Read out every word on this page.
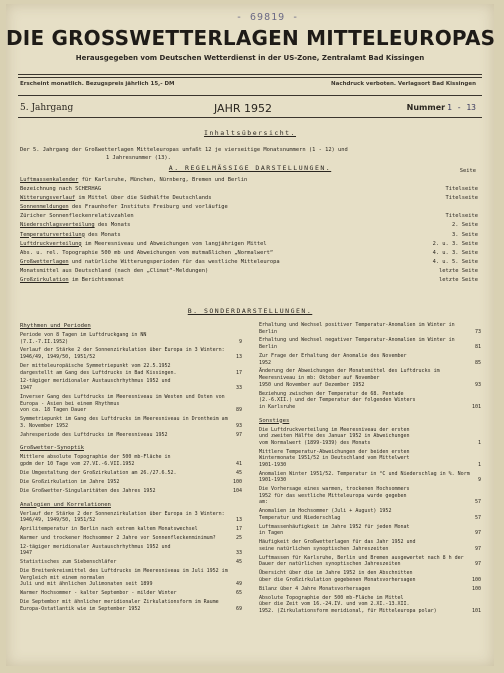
- 69819 -
DIE GROSSWETTERLAGEN MITTELEUROPAS
Herausgegeben vom Deutschen Wetterdienst in der US-Zone, Zentralamt Bad Kissingen
Erscheint monatlich. Bezugspreis jährlich 15,- DM	Nachdruck verboten. Verlagsort Bad Kissingen
5. Jahrgang	JAHR 1952	Nummer 1 - 13
Inhaltsübersicht.
Der 5. Jahrgang der Großwetterlagen Mitteleuropas umfaßt 12 je vierseitige Monatsnummern (1 - 12) und
1 Jahresnummer (13).
A. REGELMÄSSIGE DARSTELLUNGEN.	Seite
Luftmassenkalender für Karlsruhe, München, Nürnberg, Bremen und Berlin
Bezeichnung nach SCHERHAG	Titelseite
Witterungsverlauf im Mittel über die Südhälfte Deutschlands	Titelseite
Sonnenmeldungen des Fraunhofer Instituts Freiburg und vorläufige
Züricher Sonnenfleckenrelativzahlen	Titelseite
Niederschlagsverteilung des Monats	2. Seite
Temperaturverteilung des Monats	3. Seite
Luftdruckverteilung im Meeresniveau und Abweichungen vom langjährigen Mittel	2. u. 3. Seite
Abs. u. rel. Topographie 500 mb und Abweichungen vom mutmaßlichen „Normalwert“	4. u. 3. Seite
Großwetterlagen und natürliche Witterungsperioden für das westliche Mitteleuropa	4. u. 5. Seite
Monatsmittel aus Deutschland (nach den „Climat“-Meldungen)	letzte Seite
Großzirkulation im Berichtsmonat	letzte Seite
B. SONDERDARSTELLUNGEN.
Rhythmen und Perioden
Periode von 8 Tagen im Luftdruckgang in NN
(7.I.-7.II.1952)	9
Verlauf der Stärke 2 der Sonnenzirkulation über Europa in 3 Wintern: 1946/49, 1949/50, 1951/52	13
Der mitteleuropäische Symmetriepunkt vom 22.5.1952
dargestellt am Gang des Luftdrucks in Bad Kissingen.	17
12-tägiger meridionaler Austauschrhythmus 1952 und
1947	33
Inverser Gang des Luftdrucks im Meeresniveau im Westen und Osten von Europa - Asien bei einem Rhythmus
von ca. 18 Tagen Dauer	89
Symmetriepunkt im Gang des Luftdrucks im Meeresniveau in Drontheim am 3. November 1952	93
Jahresperiode des Luftdrucks im Meeresniveau 1952	97
Großwetter-Synoptik
Mittlere absolute Topographie der 500 mb-Fläche in
gpdm der 10 Tage vom 27.VI.-6.VII.1952	41
Die Umgestaltung der Großzirkulation am 26./27.6.52.	45
Die Großzirkulation im Jahre 1952	100
Die Großwetter-Singularitäten des Jahres 1952	104
Analogien und Korrelationen
Verlauf der Stärke 2 der Sonnenzirkulation über Europa in 3 Wintern: 1946/49, 1949/50, 1951/52	13
Aprilitemperatur in Berlin nach extrem kaltem Monatswechsel	17
Warmer und trockener Hochsommer 2 Jahre vor Sonnenfleckenminimum?	25
12-tägiger meridionaler Austauschrhythmus 1952 und
1947	33
Statistisches zum Siebenschläfer	45
Die Breitenkreismittel des Luftdrucks im Meeresniveau im Juli 1952 im Vergleich mit einem normalen
Juli und mit ähnlichen Julimonaten seit 1899	49
Warmer Hochsommer - kalter Septembor - milder Winter	65
Die Septembor mit ähnlicher meridionaler Zirkulationsform im Raume Europa-Ostatlantik wie im September 1952	69
Erhaltung und Wechsel positiver Temperatur-Anomalien im Winter in Berlin	73
Erhaltung und Wechsel negativer Temperatur-Anomalien im Winter in Berlin	81
Zur Frage der Erhaltung der Anomalie des November
1952	85
Änderung der Abweichungen der Monatsmittel des Luftdrucks im Meeresniveau in mb: Oktober auf November
1950 und November auf Dezember 1952	93
Beziehung zwischen der Temperatur de 68. Pentade
(2.-6.XII.) und der Temperatur der folgenden Winters
in Karlsruhe	101
Sonstiges
Die Luftdruckverteilung im Meeresniveau der ersten
und zweiten Hälfte des Januar 1952 in Abweichungen
vom Normalwert (1899-1939) des Monats	1
Mittlere Temperatur-Abweichungen der beiden ersten
Wintermonate 1951/52 in Deutschland vom Mittelwert
1901-1930	1
Anomalien Winter 1951/52. Temperatur in °C und Niederschlag in %. Norm 1901-1930	9
Die Vorhersage eines warmen, trockenen Hochsommers
1952 für das westliche Mitteleuropa wurde gegeben
am:	57
Anomalien im Hochsommer (Juli + August) 1952
Temperatur und Niederschlag	57
Luftmassenhäufigkeit im Jahre 1952 für jeden Monat
in Tagen	97
Häufigkeit der Großwetterlagen für das Jahr 1952 und
seine natürlichen synoptischen Jahreszeiten	97
Luftmassen für Karlsruhe, Berlin und Bremen ausgewertet nach 8 h der Dauer der natürlichen synoptischen Jahreszeiten	97
Übersicht über die im Jahre 1952 in den Abschnitten
über die Großzirkulation gegebenen Monatsvorhersagen	100
Bilanz über 4 Jahre Monatsvorhersagen	100
Absolute Topographie der 500 mb-Fläche im Mittel
über die Zeit vom 16.-24.IV. und vom 2.XI.-13.XII.
1952. (Zirkulationsform meridional, für Mitteleuropa polar)	101
